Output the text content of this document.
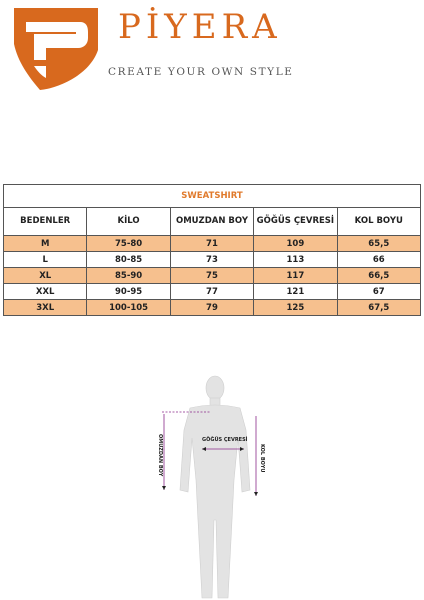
PİYERA
CREATE YOUR OWN STYLE
SWEATSHIRT				
BEDENLER	KİLO	OMUZDAN BOY	GÖĞÜS ÇEVRESİ	KOL BOYU
M	75-80	71	109	65,5
L	80-85	73	113	66
XL	85-90	75	117	66,5
XXL	90-95	77	121	67
3XL	100-105	79	125	67,5
OMUZDAN BOY	GÖĞÜS ÇEVRESİ
KOL BOYU
